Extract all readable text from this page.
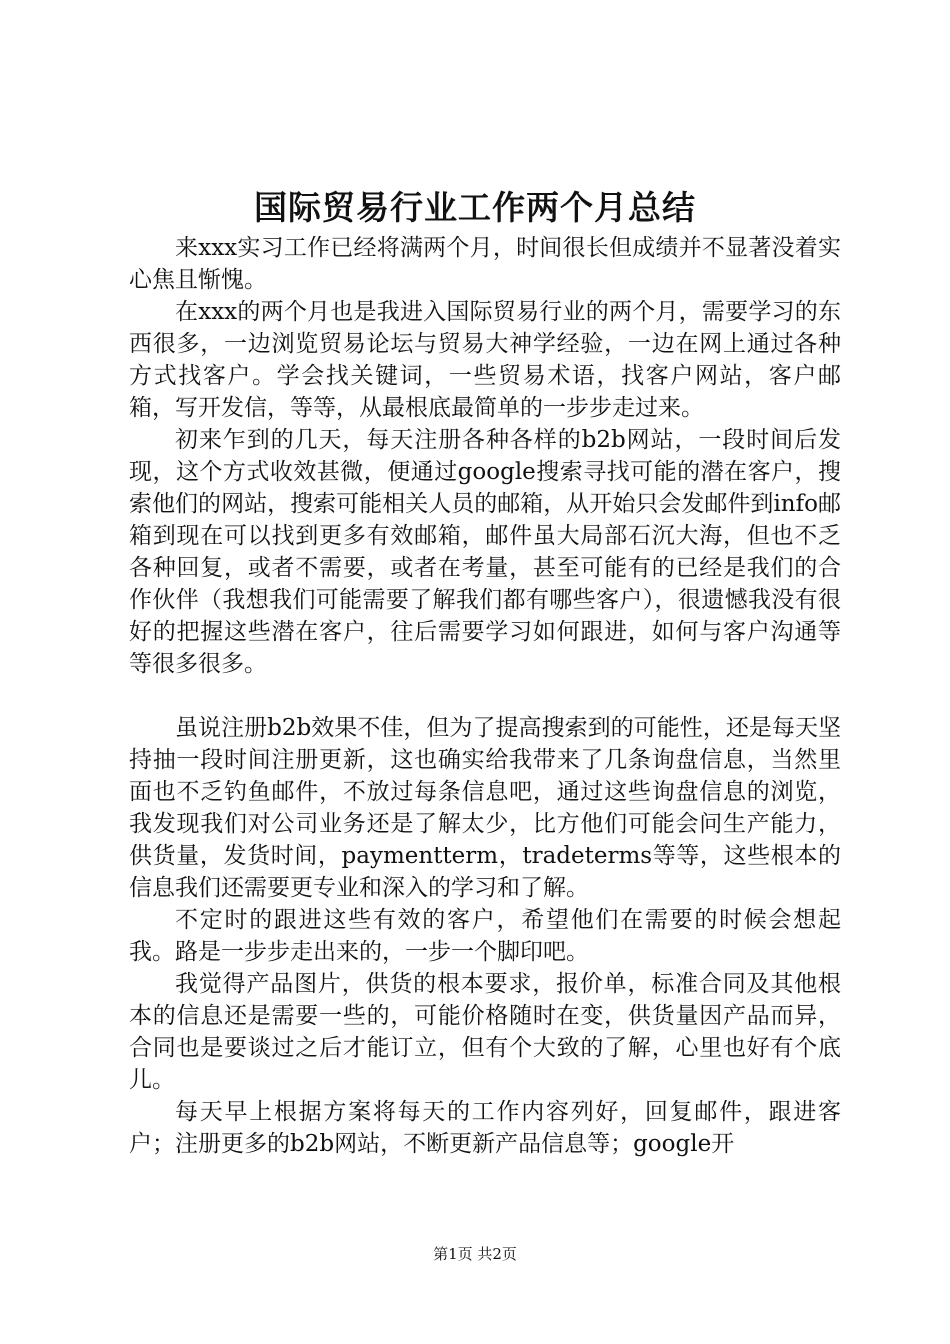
国际贸易行业工作两个月总结

来xxx实习工作已经将满两个月，时间很长但成绩并不显著没着实心焦且惭愧。

在xxx的两个月也是我进入国际贸易行业的两个月，需要学习的东西很多，一边浏览贸易论坛与贸易大神学经验，一边在网上通过各种方式找客户。学会找关键词，一些贸易术语，找客户网站，客户邮箱，写开发信，等等，从最根底最简单的一步步走过来。

初来乍到的几天，每天注册各种各样的b2b网站，一段时间后发现，这个方式收效甚微，便通过google搜索寻找可能的潜在客户，搜索他们的网站，搜索可能相关人员的邮箱，从开始只会发邮件到info邮箱到现在可以找到更多有效邮箱，邮件虽大局部石沉大海，但也不乏各种回复，或者不需要，或者在考量，甚至可能有的已经是我们的合作伙伴（我想我们可能需要了解我们都有哪些客户），很遗憾我没有很好的把握这些潜在客户，往后需要学习如何跟进，如何与客户沟通等等很多很多。

虽说注册b2b效果不佳，但为了提高搜索到的可能性，还是每天坚持抽一段时间注册更新，这也确实给我带来了几条询盘信息，当然里面也不乏钓鱼邮件，不放过每条信息吧，通过这些询盘信息的浏览，我发现我们对公司业务还是了解太少，比方他们可能会问生产能力，供货量，发货时间，paymentterm，tradeterms等等，这些根本的信息我们还需要更专业和深入的学习和了解。

不定时的跟进这些有效的客户，希望他们在需要的时候会想起我。路是一步步走出来的，一步一个脚印吧。

我觉得产品图片，供货的根本要求，报价单，标准合同及其他根本的信息还是需要一些的，可能价格随时在变，供货量因产品而异，合同也是要谈过之后才能订立，但有个大致的了解，心里也好有个底儿。

每天早上根据方案将每天的工作内容列好，回复邮件，跟进客户；注册更多的b2b网站，不断更新产品信息等；google开

第1页 共2页
